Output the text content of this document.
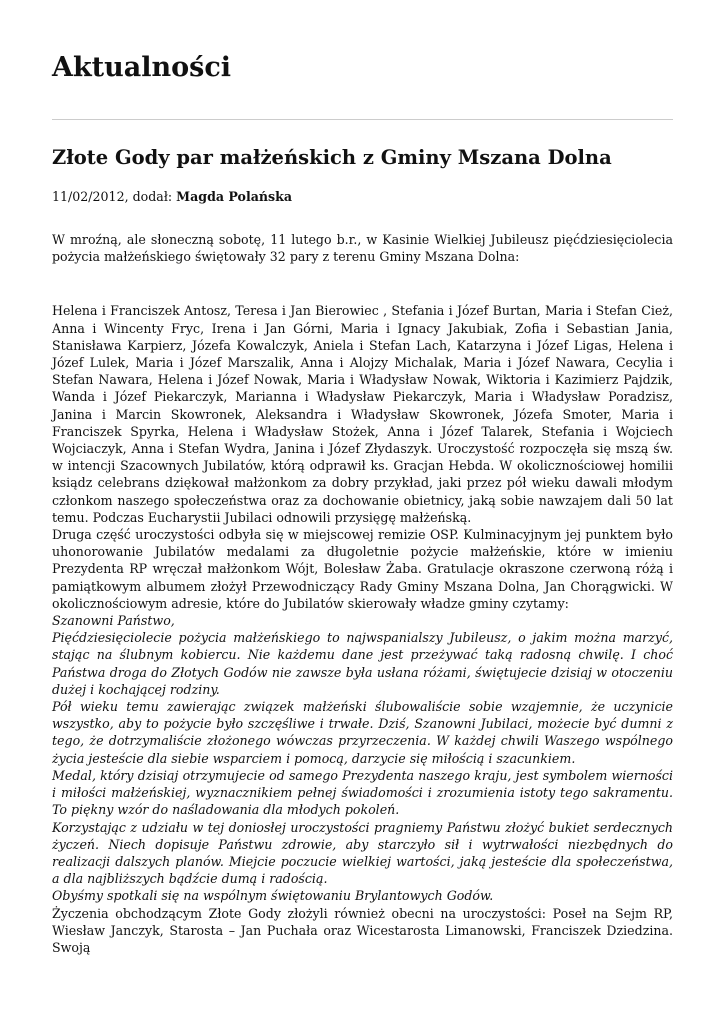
Aktualności
Złote Gody par małżeńskich z Gminy Mszana Dolna
11/02/2012, dodał: Magda Polańska

W mroźną, ale słoneczną sobotę, 11 lutego b.r., w Kasinie Wielkiej Jubileusz pięćdziesięciolecia pożycia małżeńskiego świętowały 32 pary z terenu Gminy Mszana Dolna:

Helena i Franciszek Antosz, Teresa i Jan Bierowiec , Stefania i Józef Burtan, Maria i Stefan Cież, Anna i Wincenty Fryc, Irena i Jan Górni, Maria i Ignacy Jakubiak, Zofia i Sebastian Jania, Stanisława Karpierz, Józefa Kowalczyk, Aniela i Stefan Lach, Katarzyna i Józef Ligas, Helena i Józef Lulek, Maria i Józef Marszalik, Anna i Alojzy Michalak, Maria i Józef Nawara, Cecylia i Stefan Nawara, Helena i Józef Nowak, Maria i Władysław Nowak, Wiktoria i Kazimierz Pajdzik, Wanda i Józef Piekarczyk, Marianna i Władysław Piekarczyk, Maria i Władysław Poradzisz, Janina i Marcin Skowronek, Aleksandra i Władysław Skowronek, Józefa Smoter, Maria i Franciszek Spyrka, Helena i Władysław Stożek, Anna i Józef Talarek, Stefania i Wojciech Wojciaczyk, Anna i Stefan Wydra, Janina i Józef Złydaszyk. Uroczystość rozpoczęła się mszą św. w intencji Szacownych Jubilatów, którą odprawił ks. Gracjan Hebda. W okolicznościowej homilii ksiądz celebrans dziękował małżonkom za dobry przykład, jaki przez pół wieku dawali młodym członkom naszego społeczeństwa oraz za dochowanie obietnicy, jaką sobie nawzajem dali 50 lat temu. Podczas Eucharystii Jubilaci odnowili przysięgę małżeńską.

Druga część uroczystości odbyła się w miejscowej remizie OSP. Kulminacyjnym jej punktem było uhonorowanie Jubilatów medalami za długoletnie pożycie małżeńskie, które w imieniu Prezydenta RP wręczał małżonkom Wójt, Bolesław Żaba. Gratulacje okraszone czerwoną różą i pamiątkowym albumem złożył Przewodniczący Rady Gminy Mszana Dolna, Jan Chorągwicki. W okolicznościowym adresie, które do Jubilatów skierowały władze gminy czytamy:

Szanowni Państwo,

Pięćdziesięciolecie pożycia małżeńskiego to najwspanialszy Jubileusz, o jakim można marzyć, stając na ślubnym kobiercu. Nie każdemu dane jest przeżywać taką radosną chwilę. I choć Państwa droga do Złotych Godów nie zawsze była usłana różami, świętujecie dzisiaj w otoczeniu dużej i kochającej rodziny.

Pół wieku temu zawierając związek małżeński ślubowaliście sobie wzajemnie, że uczynicie wszystko, aby to pożycie było szczęśliwe i trwałe. Dziś, Szanowni Jubilaci, możecie być dumni z tego, że dotrzymaliście złożonego wówczas przyrzeczenia. W każdej chwili Waszego wspólnego życia jesteście dla siebie wsparciem i pomocą, darzycie się miłością i szacunkiem.

Medal, który dzisiaj otrzymujecie od samego Prezydenta naszego kraju, jest symbolem wierności i miłości małżeńskiej, wyznacznikiem pełnej świadomości i zrozumienia istoty tego sakramentu. To piękny wzór do naśladowania dla młodych pokoleń.

Korzystając z udziału w tej doniosłej uroczystości pragniemy Państwu złożyć bukiet serdecznych życzeń. Niech dopisuje Państwu zdrowie, aby starczyło sił i wytrwałości niezbędnych do realizacji dalszych planów. Miejcie poczucie wielkiej wartości, jaką jesteście dla społeczeństwa, a dla najbliższych bądźcie dumą i radością.

Obyśmy spotkali się na wspólnym świętowaniu Brylantowych Godów.

Życzenia obchodzącym Złote Gody złożyli również obecni na uroczystości: Poseł na Sejm RP, Wiesław Janczyk, Starosta – Jan Puchała oraz Wicestarosta Limanowski, Franciszek Dziedzina. Swoją
